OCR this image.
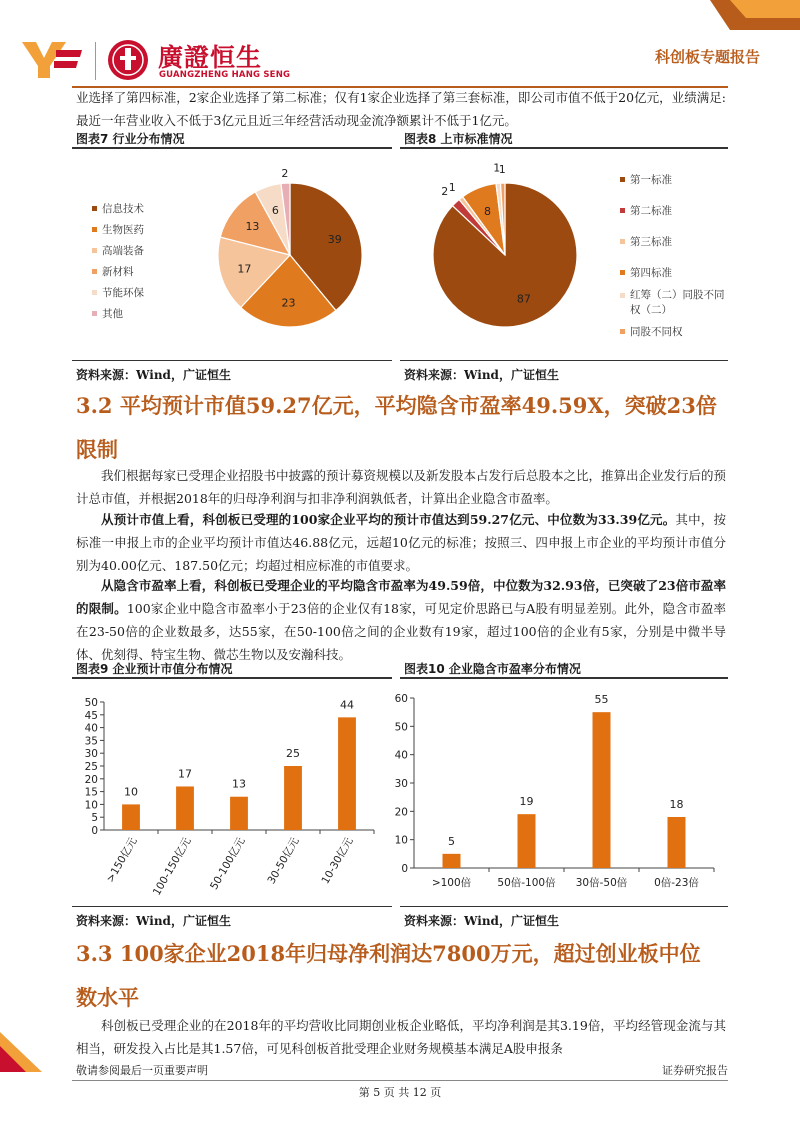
廣證恒生
GUANGZHENG HANG SENG
科创板专题报告

业选择了第四标准，2家企业选择了第二标准；仅有1家企业选择了第三套标准，即公司市值不低于20亿元，业绩满足:最近一年营业收入不低于3亿元且近三年经营活动现金流净额累计不低于1亿元。

图表7 行业分布情况	图表8 上市标准情况
信息技术
生物医药
高端装备
新材料
节能环保
其他
39
23
17
13
6
2
87
2 1
8
1
1
第一标准
第二标准
第三标准
第四标准
红筹（二）同股不同权（二）
同股不同权
资料来源：Wind，广证恒生	资料来源：Wind，广证恒生
3.2 平均预计市值59.27亿元，平均隐含市盈率49.59X，突破23倍
限制

我们根据每家已受理企业招股书中披露的预计募资规模以及新发股本占发行后总股本之比，推算出企业发行后的预计总市值，并根据2018年的归母净利润与扣非净利润孰低者，计算出企业隐含市盈率。

从预计市值上看，科创板已受理的100家企业平均的预计市值达到59.27亿元、中位数为33.39亿元。其中，按标准一申报上市的企业平均预计市值达46.88亿元，远超10亿元的标准；按照三、四申报上市企业的平均预计市值分别为40.00亿元、187.50亿元；均超过相应标准的市值要求。

从隐含市盈率上看，科创板已受理企业的平均隐含市盈率为49.59倍，中位数为32.93倍，已突破了23倍市盈率的限制。100家企业中隐含市盈率小于23倍的企业仅有18家，可见定价思路已与A股有明显差别。此外，隐含市盈率在23-50倍的企业数最多，达55家，在50-100倍之间的企业数有19家，超过100倍的企业有5家，分别是中微半导体、优刻得、特宝生物、微芯生物以及安瀚科技。

图表9 企业预计市值分布情况	图表10 企业隐含市盈率分布情况
0
5
10
15
20
25
30
35
40
45
50
10
>150亿元
17
100-150亿元
13
50-100亿元
25
30-50亿元
44
10-30亿元	0
10
20
30
40
50
60
5
>100倍
19
50倍-100倍
55
30倍-50倍
18
0倍-23倍
资料来源：Wind，广证恒生	资料来源：Wind，广证恒生
3.3 100家企业2018年归母净利润达7800万元，超过创业板中位
数水平

科创板已受理企业的在2018年的平均营收比同期创业板企业略低，平均净利润是其3.19倍，平均经管现金流与其相当，研发投入占比是其1.57倍，可见科创板首批受理企业财务规模基本满足A股申报条

敬请参阅最后一页重要声明	证券研究报告
第 5 页 共 12 页
